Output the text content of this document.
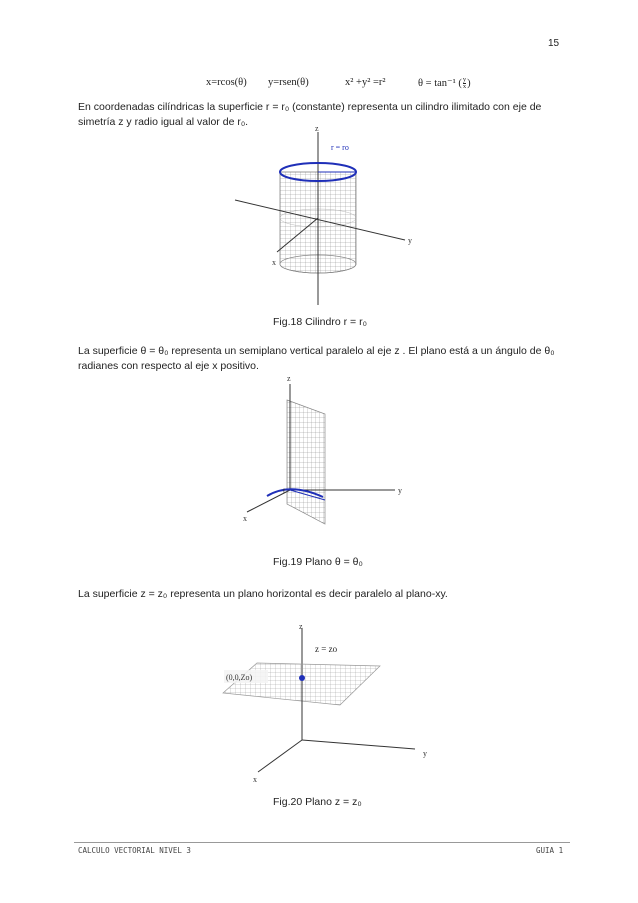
15
x=rcos(θ) y=rsen(θ)	x² +y² =r²	θ = tan⁻¹ ( $\frac{y}{x}$ )
En coordenadas cilíndricas la superficie r = r₀ (constante) representa un cilindro ilimitado con eje de
simetría z y radio igual al valor de r₀.
z
y
x
r = ro
Fig.18 Cilindro r = r₀
La superficie θ = θ₀ representa un semiplano vertical paralelo al eje z . El plano está a un ángulo de θ₀
radianes con respecto al eje x positivo.
z
y
x
t
Fig.19 Plano θ = θ₀
La superficie z = z₀ representa un plano horizontal es decir paralelo al plano-xy.
(0,0,Zo)
z
y
x
z = zo
Fig.20 Plano z = z₀
CALCULO VECTORIAL NIVEL 3	GUIA 1
